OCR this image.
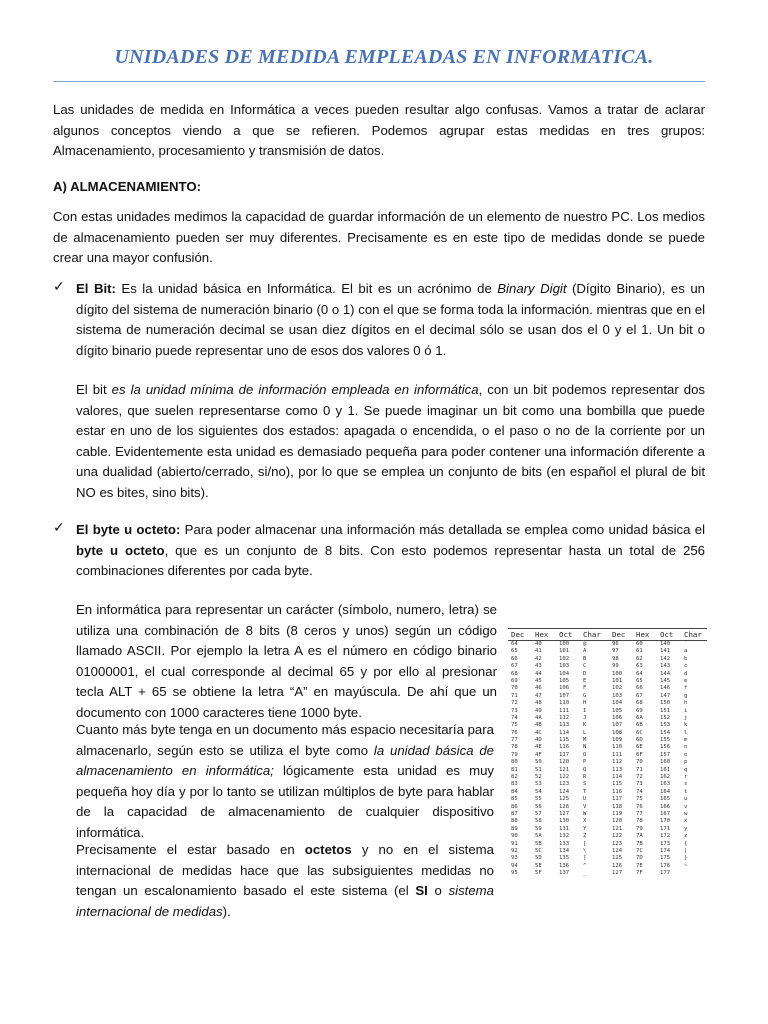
UNIDADES DE MEDIDA EMPLEADAS EN INFORMATICA.

Las unidades de medida en Informática a veces pueden resultar algo confusas. Vamos a tratar de aclarar algunos conceptos viendo a que se refieren. Podemos agrupar estas medidas en tres grupos: Almacenamiento, procesamiento y transmisión de datos.

A) ALMACENAMIENTO:

Con estas unidades medimos la capacidad de guardar información de un elemento de nuestro PC. Los medios de almacenamiento pueden ser muy diferentes. Precisamente es en este tipo de medidas donde se puede crear una mayor confusión.

✓ El Bit: Es la unidad básica en Informática. El bit es un acrónimo de Binary Digit (Dígito Binario), es un dígito del sistema de numeración binario (0 o 1) con el que se forma toda la información. mientras que en el sistema de numeración decimal se usan diez dígitos en el decimal sólo se usan dos el 0 y el 1. Un bit o dígito binario puede representar uno de esos dos valores 0 ó 1.

El bit es la unidad mínima de información empleada en informática, con un bit podemos representar dos valores, que suelen representarse como 0 y 1. Se puede imaginar un bit como una bombilla que puede estar en uno de los siguientes dos estados: apagada o encendida, o el paso o no de la corriente por un cable. Evidentemente esta unidad es demasiado pequeña para poder contener una información diferente a una dualidad (abierto/cerrado, si/no), por lo que se emplea un conjunto de bits (en español el plural de bit NO es bites, sino bits).

✓ El byte u octeto: Para poder almacenar una información más detallada se emplea como unidad básica el byte u octeto, que es un conjunto de 8 bits. Con esto podemos representar hasta un total de 256 combinaciones diferentes por cada byte.

En informática para representar un carácter (símbolo, numero, letra) se utiliza una combinación de 8 bits (8 ceros y unos) según un código llamado ASCII. Por ejemplo la letra A es el número en código binario 01000001, el cual corresponde al decimal 65 y por ello al presionar tecla ALT + 65 se obtiene la letra “A” en mayúscula. De ahí que un documento con 1000 caracteres tiene 1000 byte.

Cuanto más byte tenga en un documento más espacio necesitaría para almacenarlo, según esto se utiliza el byte como la unidad básica de almacenamiento en informática; lógicamente esta unidad es muy pequeña hoy día y por lo tanto se utilizan múltiplos de byte para hablar de la capacidad de almacenamiento de cualquier dispositivo informática.

Precisamente el estar basado en octetos y no en el sistema internacional de medidas hace que las subsiguientes medidas no tengan un escalonamiento basado el este sistema (el SI o sistema internacional de medidas).

Dec	Hex	Oct	Char	Dec	Hex	Oct	Char
64	40	100	@	96	60	140	`
65	41	101	A	97	61	141	a
66	42	102	B	98	62	142	b
67	43	103	C	99	63	143	c
68	44	104	D	100	64	144	d
69	45	105	E	101	65	145	e
70	46	106	F	102	66	146	f
71	47	107	G	103	67	147	g
72	48	110	H	104	68	150	h
73	49	111	I	105	69	151	i
74	4A	112	J	106	6A	152	j
75	4B	113	K	107	6B	153	k
76	4C	114	L	108	6C	154	l
77	4D	115	M	109	6D	155	m
78	4E	116	N	110	6E	156	n
79	4F	117	O	111	6F	157	o
80	50	120	P	112	70	160	p
81	51	121	Q	113	71	161	q
82	52	122	R	114	72	162	r
83	53	123	S	115	73	163	s
84	54	124	T	116	74	164	t
85	55	125	U	117	75	165	u
86	56	126	V	118	76	166	v
87	57	127	W	119	77	167	w
88	58	130	X	120	78	170	x
89	59	131	Y	121	79	171	y
90	5A	132	Z	122	7A	172	z
91	5B	133	[	123	7B	173	{
92	5C	134	\	124	7C	174	|
93	5D	135	]	125	7D	175	}
94	5E	136	^	126	7E	176	~
95	5F	137	_	127	7F	177
